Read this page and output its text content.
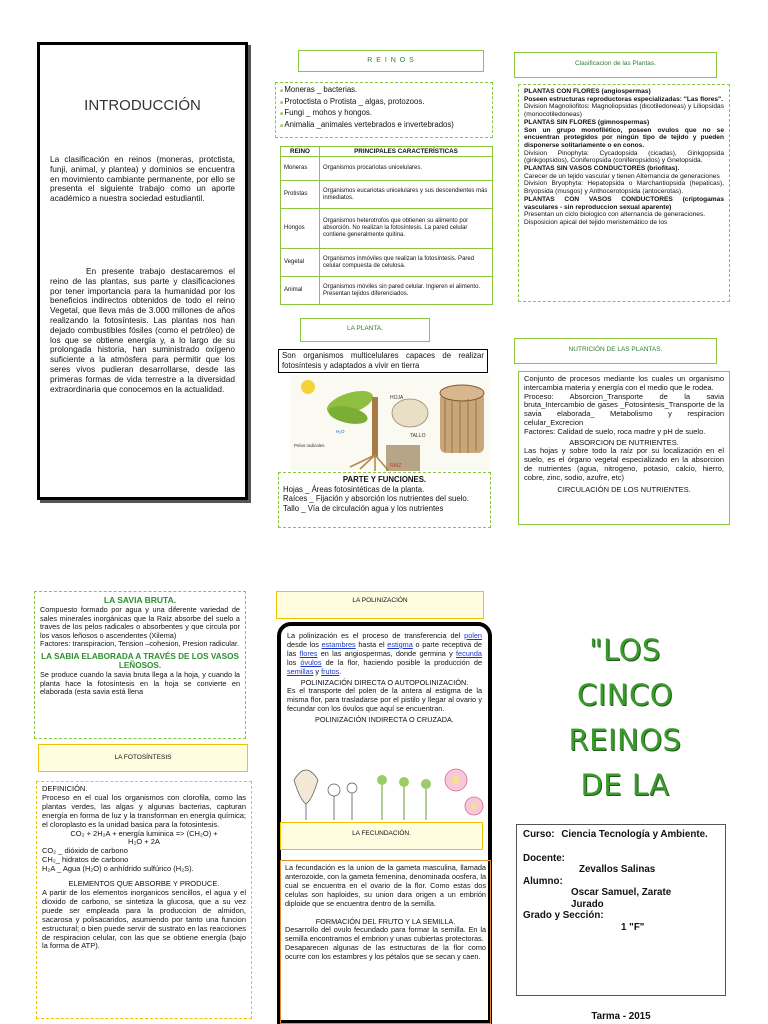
INTRODUCCIÓN
La clasificación en reinos (moneras, protctista, funji, animal, y plantea) y dominios se encuentra en movimiento cambiante permanente, por ello se presenta el siguiente trabajo como un aporte académico a nuestra sociedad estudiantil.
En presente trabajo destacaremos el reino de las plantas, sus parte y clasificaciones por tener importancia para la humanidad por los beneficios indirectos obtenidos de todo el reino Vegetal, que lleva más de 3.000 millones de años realizando la fotosíntesis. Las plantas nos han dejado combustibles fósiles (como el petróleo) de los que se obtiene energía y, a lo largo de su prolongada historia, han suministrado oxígeno suficiente a la atmósfera para permitir que los seres vivos pudieran desarrollarse, desde las primeras formas de vida terrestre a la diversidad extraordinaria que conocemos en la actualidad.
R E I N O S
■ Moneras _ bacterias.
■ Protoctista o Protista _ algas, protozoos.
■ Fungi _ mohos y hongos.
■ Animalia _animales vertebrados e invertebrados)
REINO	PRINCIPALES CARACTERÍSTICAS
Moneras	Organismos procariotas unicelulares.
Protistas	Organismos eucariotas unicelulares y sus descendientes más inmediatos.
Hongos	Organismos heterotrofos que obtienen su alimento por absorción. No realizan la fotosíntesis. La pared celular contiene generalmente quitina.
Vegetal	Organismos inmóviles que realizan la fotosíntesis. Pared celular compuesta de celulosa.
Animal	Organismos móviles sin pared celular. Ingieren el alimento. Presentan tejidos diferenciados.
LA PLANTA.
Son organismos multicelulares capaces de realizar fotosíntesis y adaptados a vivir en tierra
HOJA
TALLO
RAÍZ
Pelos radicales
H₂O
PARTE Y FUNCIONES.
Hojas _ Áreas fotosintéticas de la planta.
Raíces _ Fijación y absorción los nutrientes del suelo.
Tallo _ Vía de circulación agua y los nutrientes
Clasificacion de las Plantas.
PLANTAS CON FLORES (angiospermas)
Poseen estructuras reproductoras especializadas: "Las flores".
Division Magnoliofitos: Magnoliopsidas (dicotiledoneas) y Liliopsidas (monocotiledoneas)
PLANTAS SIN FLORES (gimnospermas)
Son un grupo monofilético, poseen ovulos que no se encuentran protegidos por ningún tipo de tejido y pueden disponerse solitariamente o en conos.
Division Pinophyta: Cycadopsida (cicadas), Ginkgopsida (ginkgopsidos), Coniferopsida (coniferopsidos) y Gnetopsida.
PLANTAS SIN VASOS CONDUCTORES (briofitas).
Carecer de un tejido vascular y tienen Alternancia de generaciones
Division Bryophyta: Hepatopsida o Marchantiopsida (hepaticas), Bryopsida (musgos) y Anthocerotopsida (antocerotas).
PLANTAS CON VASOS CONDUCTORES (criptogamas vasculares - sin reproduccion sexual aparente)
Presentan un ciclo biologico con alternancia de generaciones.
Disposicion apical del tejido meristemático de los
NUTRICIÓN DE LAS PLANTAS.
Conjunto de procesos mediante los cuales un organismo intercambia materia y energía con el medio que le rodea.
Proceso: Absorcion_Transporte de la savia bruta_Intercambio de gases _Fotosintesis_Transporte de la savia elaborada_ Metabolismo y respiracion celular_Excrecion
Factores: Calidad de suelo, roca madre y pH de suelo.
ABSORCION DE NUTRIENTES.
Las hojas y sobre todo la raíz por su localización en el suelo, es el órgano vegetal especializado en la absorcion de nutrientes (agua, nitrogeno, potasio, calcio, hierro, cobre, zinc, sodio, azufre, etc)
CIRCULACIÓN DE LOS NUTRIENTES.
LA SAVIA BRUTA.
Compuesto formado por agua y una diferente variedad de sales minerales inorgánicas que la Raíz absorbe del suelo a traves de los pelos radicales o absorbentes y que circula por los vasos leñosos o ascendentes (Xilema)
Factores: transpiracion, Tension –cohesion, Presion radicular.
LA SABIA ELABORADA A TRAVÉS DE LOS VASOS LEÑOSOS.
Se produce cuando la savia bruta llega a la hoja, y cuando la planta hace la fotosíntesis en la hoja se convierte en elaborada (esta savia está llena
LA FOTOSÍNTESIS
DEFINICIÓN.
Proceso en el cual los organismos con clorofila, como las plantas verdes, las algas y algunas bacterias, capturan energía en forma de luz y la transforman en energía química; el cloroplasto es la unidad basica para la fotosintesis.
CO₂ + 2H₂A + energía luminica => (CH₂O) +
H₂O + 2A
CO₂ _ dióxido de carbono
CH₂_ hidratos de carbono
H₂A _ Agua (H₂O) o anhídrido sulfúrico (H₂S).
ELEMENTOS QUE ABSORBE Y PRODUCE.
A partir de los elementos inorganicos sencillos, el agua y el dioxido de carbono, se sintetiza la glucosa, que a su vez puede ser empleada para la produccion de almidon, sacarosa y polisacaridos, asumiendo por tanto una funcion estructural; o bien puede servir de sustrato en las reacciones de respiracion celular, con las que se obtiene energía (bajo la forma de ATP).
LA POLINIZACIÓN
La polinización es el proceso de transferencia del polen desde los estambres hasta el estigma o parte receptiva de las flores en las angiospermas, donde germina y fecunda los óvulos de la flor, haciendo posible la producción de semillas y frutos.
POLINIZACIÓN DIRECTA O AUTOPOLINIZACIÓN.
Es el transporte del polen de la antera al estigma de la misma flor, para trasladarse por el pistilo y llegar al ovario y fecundar con los óvulos que aquí se encuentran.
POLINIZACIÓN INDIRECTA O CRUZADA.
LA FECUNDACIÓN.
La fecundación es la union de la gameta masculina, llamada anterozoide, con la gameta femenina, denominada oosfera, la cual se encuentra en el ovario de la flor. Como estas dos celulas son haploides, su union dara origen a un embrión diploide que se encuentra dentro de la semilla.
FORMACIÓN DEL FRUTO Y LA SEMILLA.
Desarrollo del ovulo fecundado para formar la semilla. En la semilla encontramos el embrion y unas cubiertas protectoras.
Desaparecen algunas de las estructuras de la flor como ocurre con los estambres y los pétalos que se secan y caen.
"LOS
CINCO
REINOS
DE LA
Curso: Ciencia Tecnología y Ambiente.
Docente:
Zevallos Salinas
Alumno:
Oscar Samuel, Zarate Jurado
Grado y Sección:
1 "F"
Tarma - 2015
